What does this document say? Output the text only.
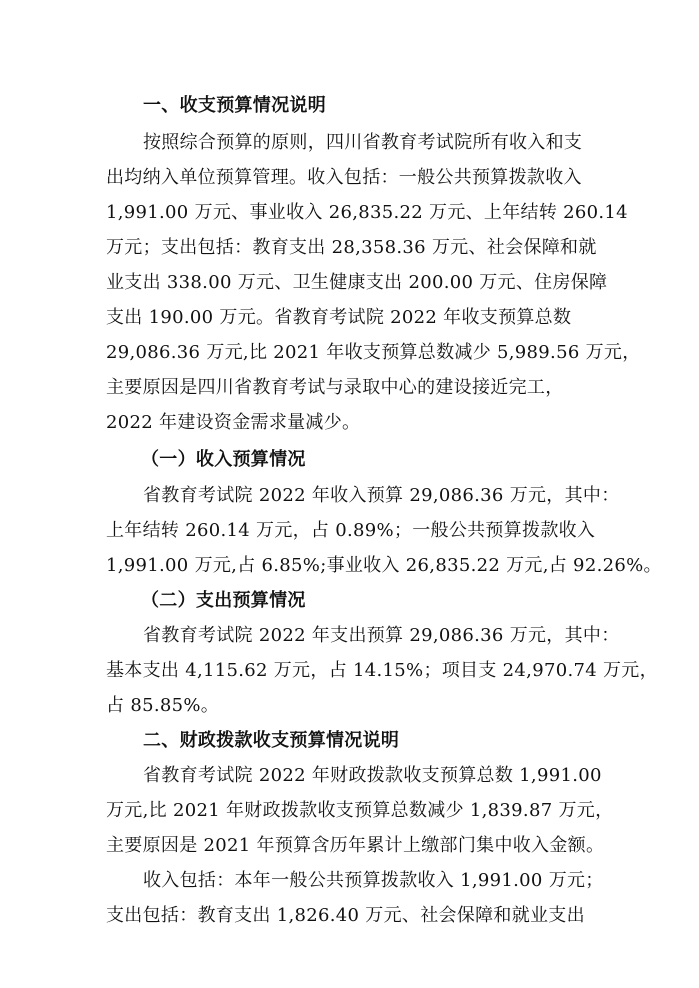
一、收支预算情况说明
按照综合预算的原则，四川省教育考试院所有收入和支
出均纳入单位预算管理。收入包括：一般公共预算拨款收入
1,991.00 万元、事业收入 26,835.22 万元、上年结转 260.14
万元；支出包括：教育支出 28,358.36 万元、社会保障和就
业支出 338.00 万元、卫生健康支出 200.00 万元、住房保障
支出 190.00 万元。省教育考试院 2022 年收支预算总数
29,086.36 万元,比 2021 年收支预算总数减少 5,989.56 万元，
主要原因是四川省教育考试与录取中心的建设接近完工，
2022 年建设资金需求量减少。
（一）收入预算情况
省教育考试院 2022 年收入预算 29,086.36 万元，其中：
上年结转 260.14 万元，占 0.89%；一般公共预算拨款收入
1,991.00 万元,占 6.85%;事业收入 26,835.22 万元,占 92.26%。
（二）支出预算情况
省教育考试院 2022 年支出预算 29,086.36 万元，其中：
基本支出 4,115.62 万元，占 14.15%；项目支 24,970.74 万元，
占 85.85%。
二、财政拨款收支预算情况说明
省教育考试院 2022 年财政拨款收支预算总数 1,991.00
万元,比 2021 年财政拨款收支预算总数减少 1,839.87 万元，
主要原因是 2021 年预算含历年累计上缴部门集中收入金额。
收入包括：本年一般公共预算拨款收入 1,991.00 万元；
支出包括：教育支出 1,826.40 万元、社会保障和就业支出
